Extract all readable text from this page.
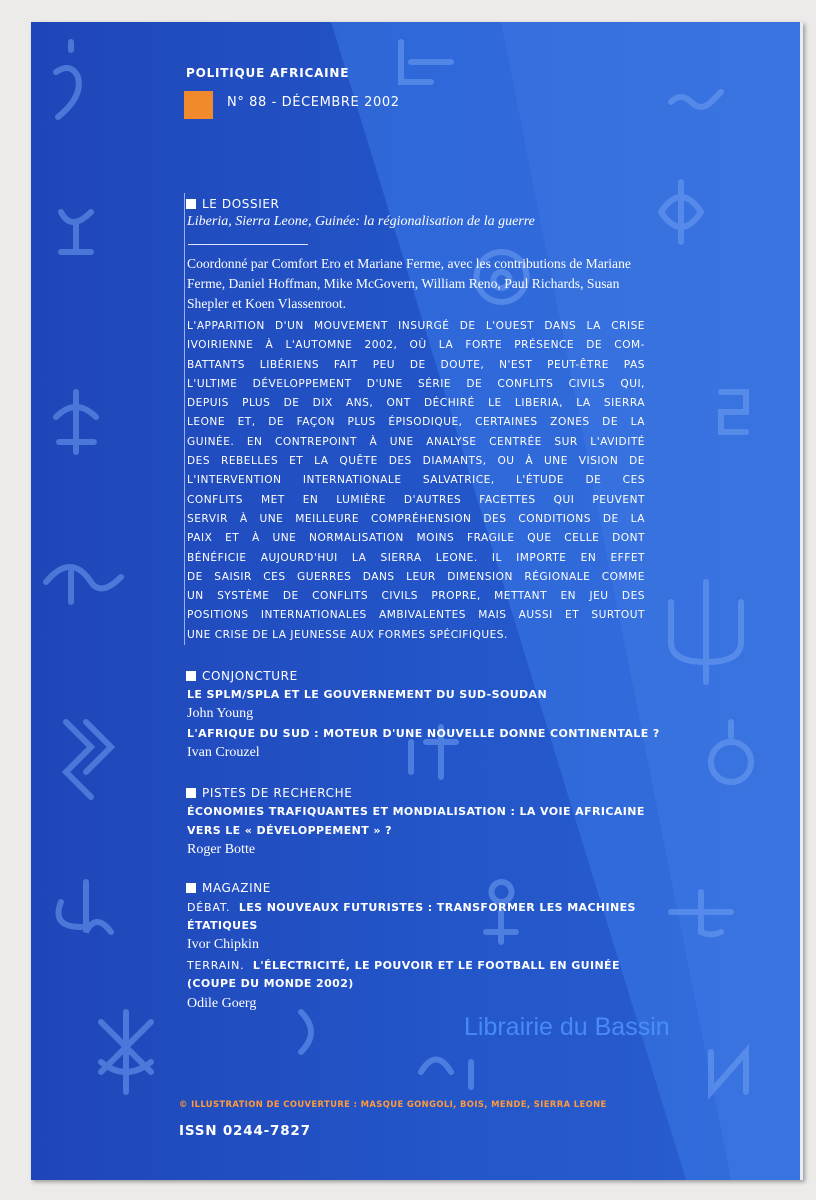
POLITIQUE AFRICAINE
N° 88 - DÉCEMBRE 2002
LE DOSSIER
Liberia, Sierra Leone, Guinée: la régionalisation de la guerre
Coordonné par Comfort Ero et Mariane Ferme, avec les contributions de Mariane
Ferme, Daniel Hoffman, Mike McGovern, William Reno, Paul Richards, Susan
Shepler et Koen Vlassenroot.
L'APPARITION D'UN MOUVEMENT INSURGÉ DE L'OUEST DANS LA CRISE
IVOIRIENNE À L'AUTOMNE 2002, OÙ LA FORTE PRÉSENCE DE COM-
BATTANTS LIBÉRIENS FAIT PEU DE DOUTE, N'EST PEUT-ÊTRE PAS
L'ULTIME DÉVELOPPEMENT D'UNE SÉRIE DE CONFLITS CIVILS QUI,
DEPUIS PLUS DE DIX ANS, ONT DÉCHIRÉ LE LIBERIA, LA SIERRA
LEONE ET, DE FAÇON PLUS ÉPISODIQUE, CERTAINES ZONES DE LA
GUINÉE. EN CONTREPOINT À UNE ANALYSE CENTRÉE SUR L'AVIDITÉ
DES REBELLES ET LA QUÊTE DES DIAMANTS, OU À UNE VISION DE
L'INTERVENTION INTERNATIONALE SALVATRICE, L'ÉTUDE DE CES
CONFLITS MET EN LUMIÈRE D'AUTRES FACETTES QUI PEUVENT
SERVIR À UNE MEILLEURE COMPRÉHENSION DES CONDITIONS DE LA
PAIX ET À UNE NORMALISATION MOINS FRAGILE QUE CELLE DONT
BÉNÉFICIE AUJOURD'HUI LA SIERRA LEONE. IL IMPORTE EN EFFET
DE SAISIR CES GUERRES DANS LEUR DIMENSION RÉGIONALE COMME
UN SYSTÈME DE CONFLITS CIVILS PROPRE, METTANT EN JEU DES
POSITIONS INTERNATIONALES AMBIVALENTES MAIS AUSSI ET SURTOUT
UNE CRISE DE LA JEUNESSE AUX FORMES SPÉCIFIQUES.
CONJONCTURE
LE SPLM/SPLA ET LE GOUVERNEMENT DU SUD-SOUDAN
John Young
L'AFRIQUE DU SUD : MOTEUR D'UNE NOUVELLE DONNE CONTINENTALE ?
Ivan Crouzel
PISTES DE RECHERCHE
ÉCONOMIES TRAFIQUANTES ET MONDIALISATION : LA VOIE AFRICAINE
VERS LE « DÉVELOPPEMENT » ?
Roger Botte
MAGAZINE
DÉBAT. LES NOUVEAUX FUTURISTES : TRANSFORMER LES MACHINES
ÉTATIQUES
Ivor Chipkin
TERRAIN. L'ÉLECTRICITÉ, LE POUVOIR ET LE FOOTBALL EN GUINÉE
(COUPE DU MONDE 2002)
Odile Goerg
Librairie du Bassin
© ILLUSTRATION DE COUVERTURE : MASQUE GONGOLI, BOIS, MENDE, SIERRA LEONE
ISSN 0244-7827
